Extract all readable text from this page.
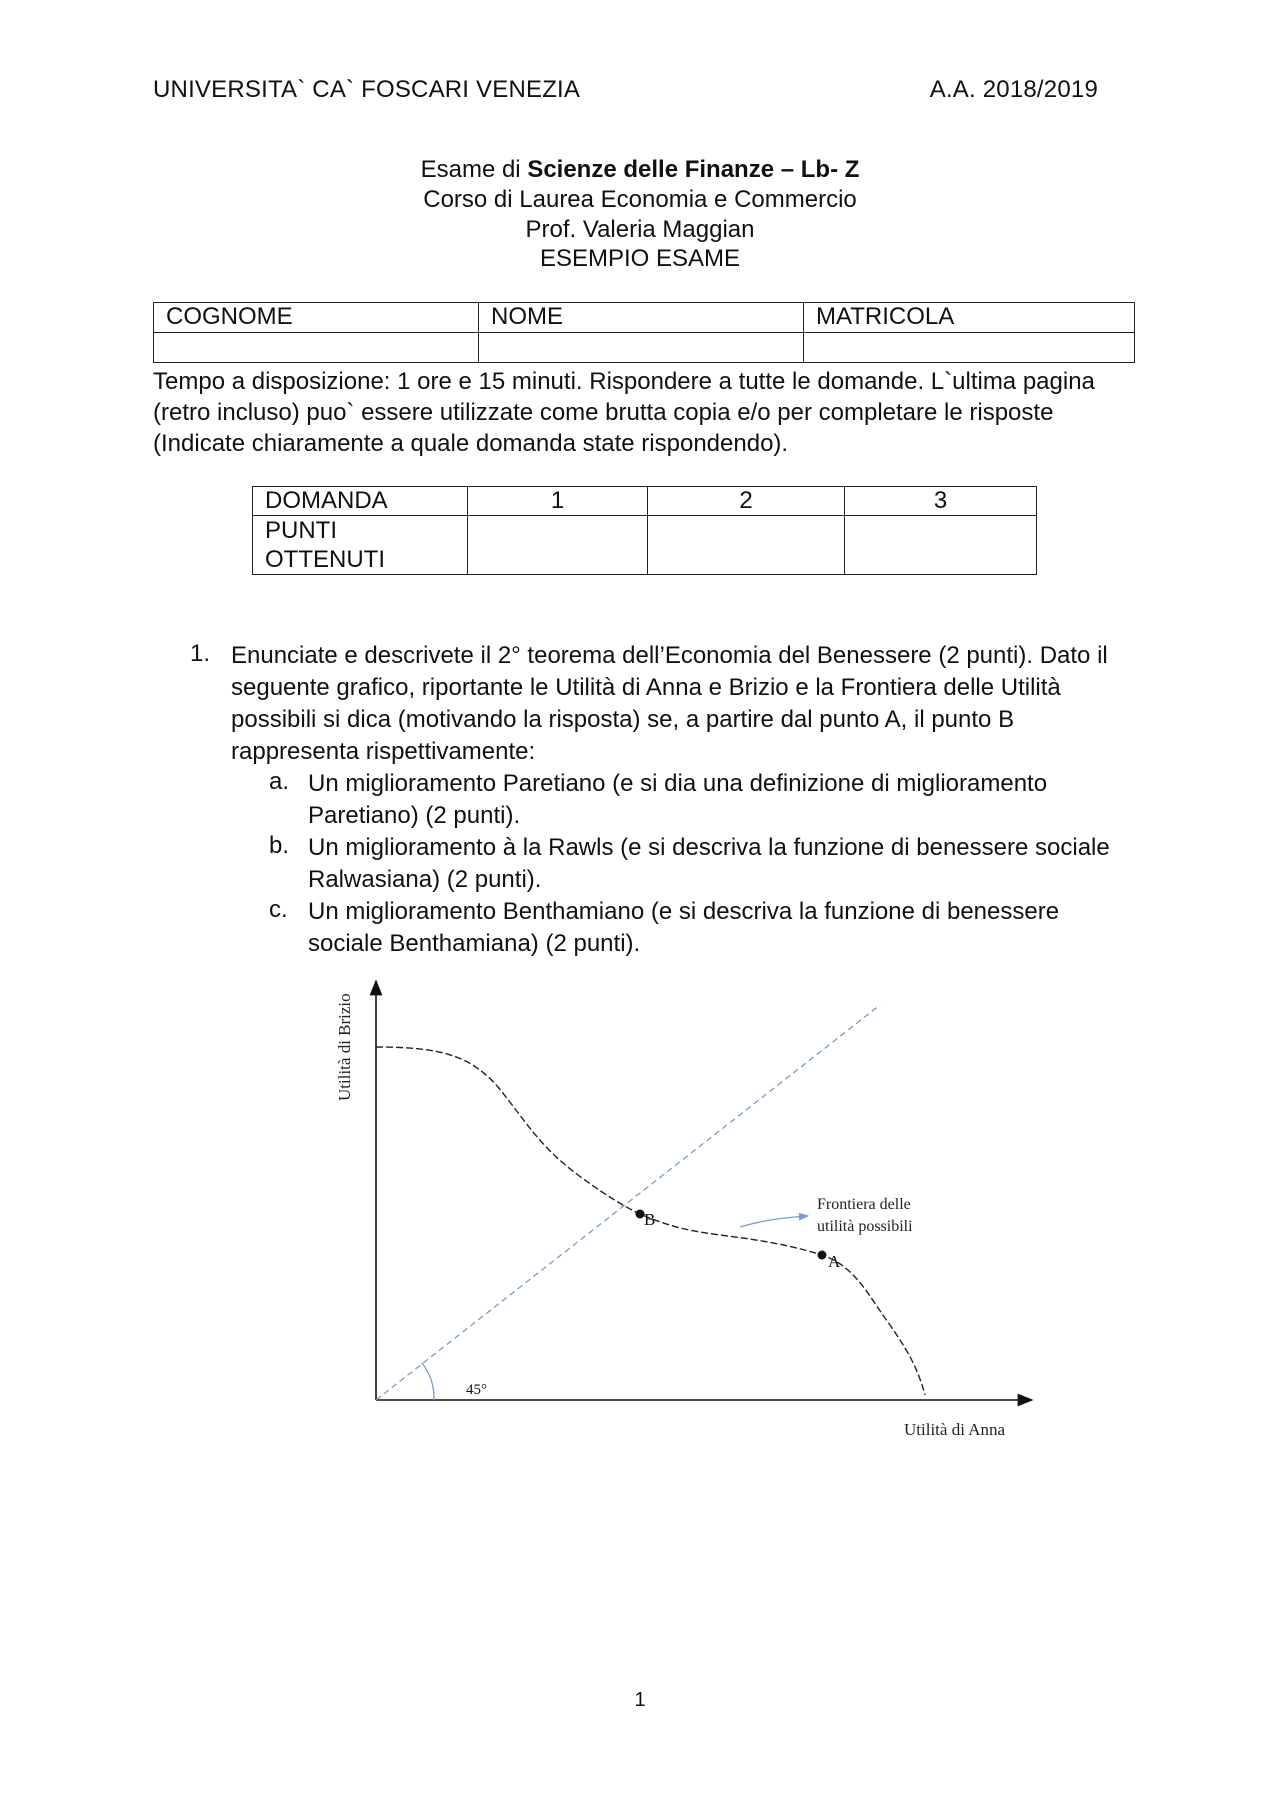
UNIVERSITA` CA` FOSCARI VENEZIA	A.A. 2018/2019
Esame di Scienze delle Finanze – Lb- Z
Corso di Laurea Economia e Commercio
Prof. Valeria Maggian
ESEMPIO ESAME
COGNOME	NOME	MATRICOLA

Tempo a disposizione: 1 ore e 15 minuti. Rispondere a tutte le domande. L`ultima pagina (retro incluso) puo` essere utilizzate come brutta copia e/o per completare le risposte (Indicate chiaramente a quale domanda state rispondendo).
DOMANDA	1	2	3
PUNTI
OTTENUTI			
1. Enunciate e descrivete il 2° teorema dell’Economia del Benessere (2 punti). Dato il seguente grafico, riportante le Utilità di Anna e Brizio e la Frontiera delle Utilità possibili si dica (motivando la risposta) se, a partire dal punto A, il punto B rappresenta rispettivamente:
a. Un miglioramento Paretiano (e si dia una definizione di miglioramento Paretiano) (2 punti).
b. Un miglioramento à la Rawls (e si descriva la funzione di benessere sociale Ralwasiana) (2 punti).
c. Un miglioramento Benthamiano (e si descriva la funzione di benessere sociale Benthamiana) (2 punti).
B
A
Frontiera delle
utilità possibili
45°
Utilità di Anna
Utilità di Brizio
1
